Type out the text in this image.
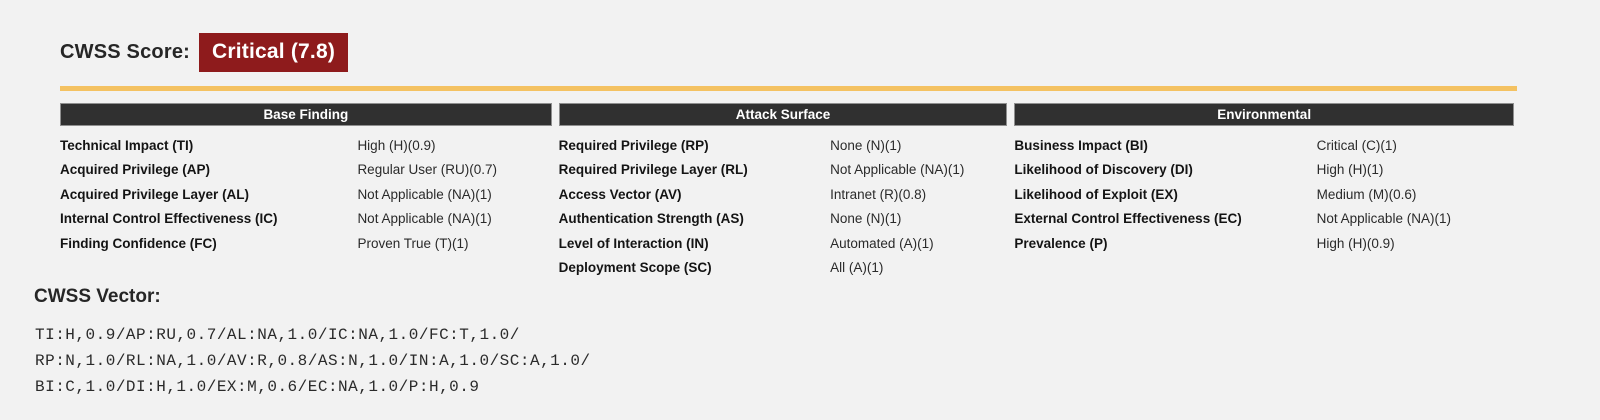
CWSS Score:	Critical (7.8)
Base Finding
Technical Impact (TI)	High (H)(0.9)
Acquired Privilege (AP)	Regular User (RU)(0.7)
Acquired Privilege Layer (AL)	Not Applicable (NA)(1)
Internal Control Effectiveness (IC)	Not Applicable (NA)(1)
Finding Confidence (FC)	Proven True (T)(1)
Attack Surface
Required Privilege (RP)	None (N)(1)
Required Privilege Layer (RL)	Not Applicable (NA)(1)
Access Vector (AV)	Intranet (R)(0.8)
Authentication Strength (AS)	None (N)(1)
Level of Interaction (IN)	Automated (A)(1)
Deployment Scope (SC)	All (A)(1)
Environmental
Business Impact (BI)	Critical (C)(1)
Likelihood of Discovery (DI)	High (H)(1)
Likelihood of Exploit (EX)	Medium (M)(0.6)
External Control Effectiveness (EC)	Not Applicable (NA)(1)
Prevalence (P)	High (H)(0.9)
CWSS Vector:
TI:H,0.9/AP:RU,0.7/AL:NA,1.0/IC:NA,1.0/FC:T,1.0/
RP:N,1.0/RL:NA,1.0/AV:R,0.8/AS:N,1.0/IN:A,1.0/SC:A,1.0/
BI:C,1.0/DI:H,1.0/EX:M,0.6/EC:NA,1.0/P:H,0.9
